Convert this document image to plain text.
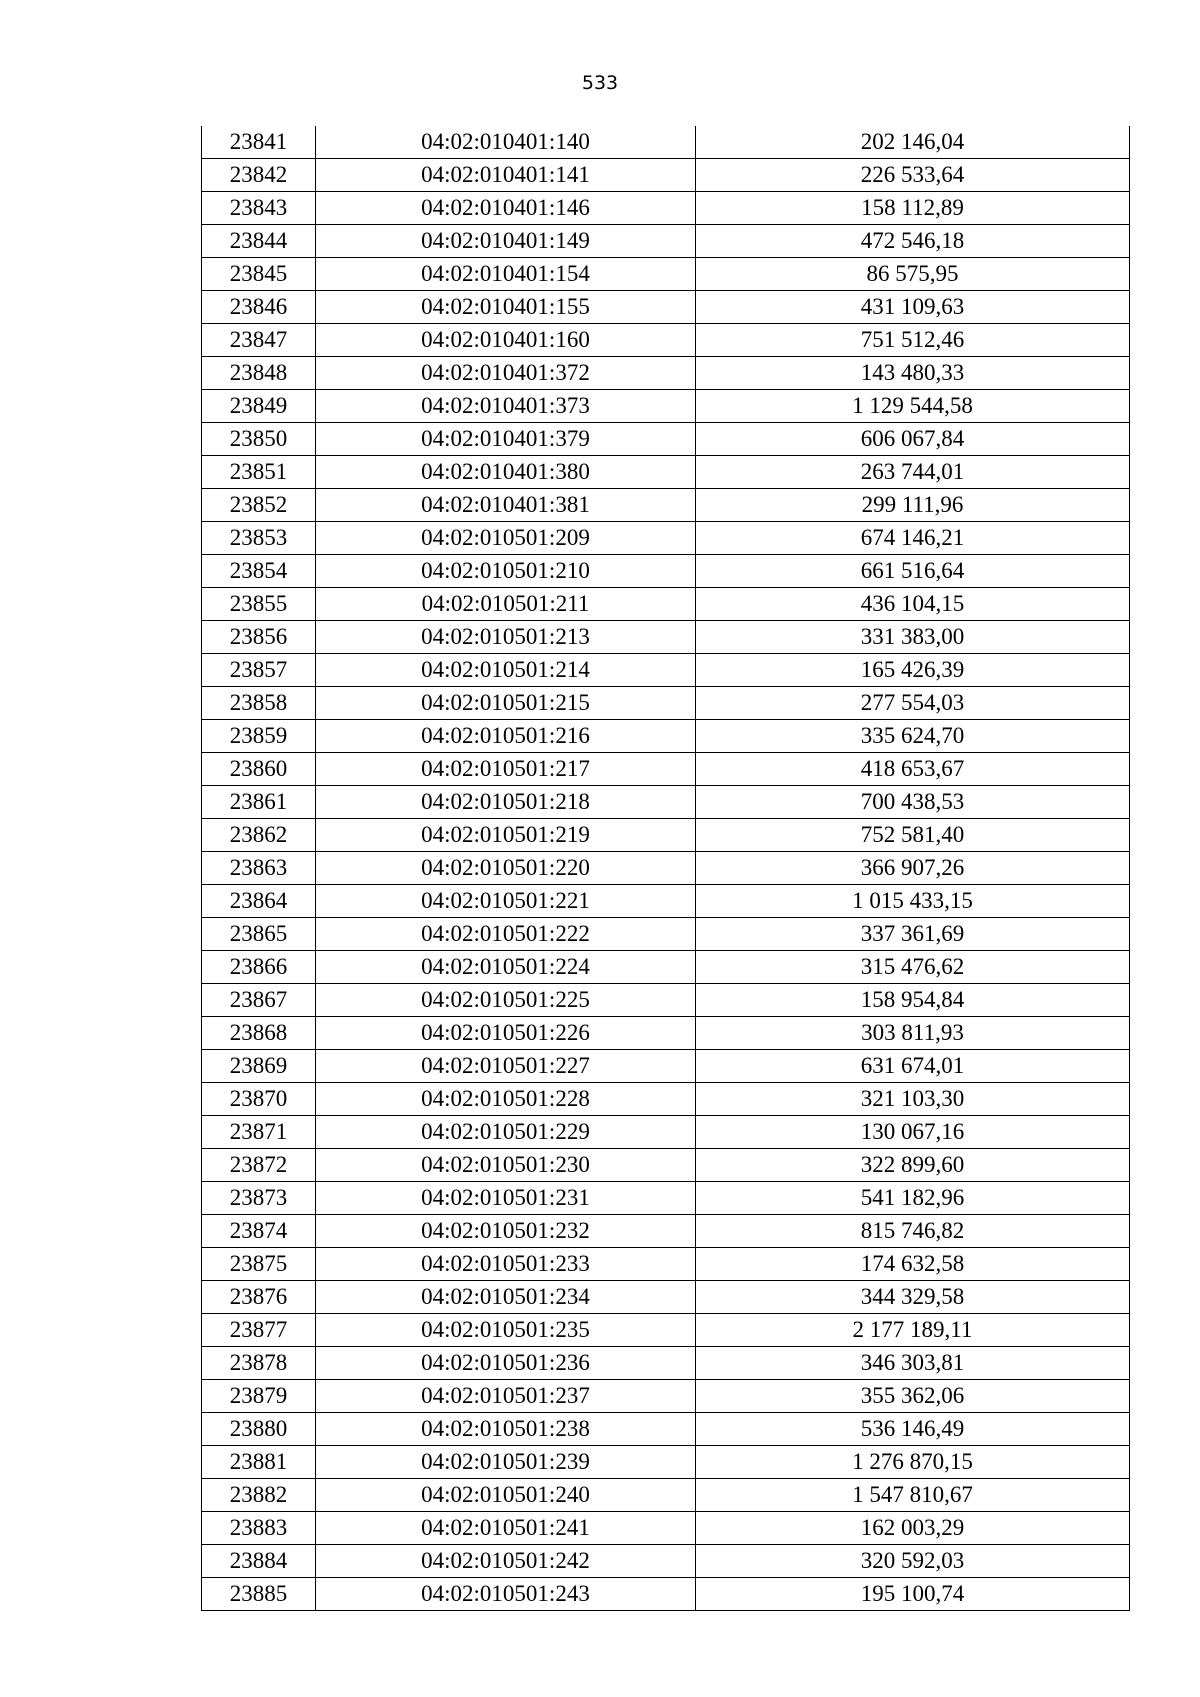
533
23841	04:02:010401:140	202 146,04
23842	04:02:010401:141	226 533,64
23843	04:02:010401:146	158 112,89
23844	04:02:010401:149	472 546,18
23845	04:02:010401:154	86 575,95
23846	04:02:010401:155	431 109,63
23847	04:02:010401:160	751 512,46
23848	04:02:010401:372	143 480,33
23849	04:02:010401:373	1 129 544,58
23850	04:02:010401:379	606 067,84
23851	04:02:010401:380	263 744,01
23852	04:02:010401:381	299 111,96
23853	04:02:010501:209	674 146,21
23854	04:02:010501:210	661 516,64
23855	04:02:010501:211	436 104,15
23856	04:02:010501:213	331 383,00
23857	04:02:010501:214	165 426,39
23858	04:02:010501:215	277 554,03
23859	04:02:010501:216	335 624,70
23860	04:02:010501:217	418 653,67
23861	04:02:010501:218	700 438,53
23862	04:02:010501:219	752 581,40
23863	04:02:010501:220	366 907,26
23864	04:02:010501:221	1 015 433,15
23865	04:02:010501:222	337 361,69
23866	04:02:010501:224	315 476,62
23867	04:02:010501:225	158 954,84
23868	04:02:010501:226	303 811,93
23869	04:02:010501:227	631 674,01
23870	04:02:010501:228	321 103,30
23871	04:02:010501:229	130 067,16
23872	04:02:010501:230	322 899,60
23873	04:02:010501:231	541 182,96
23874	04:02:010501:232	815 746,82
23875	04:02:010501:233	174 632,58
23876	04:02:010501:234	344 329,58
23877	04:02:010501:235	2 177 189,11
23878	04:02:010501:236	346 303,81
23879	04:02:010501:237	355 362,06
23880	04:02:010501:238	536 146,49
23881	04:02:010501:239	1 276 870,15
23882	04:02:010501:240	1 547 810,67
23883	04:02:010501:241	162 003,29
23884	04:02:010501:242	320 592,03
23885	04:02:010501:243	195 100,74
